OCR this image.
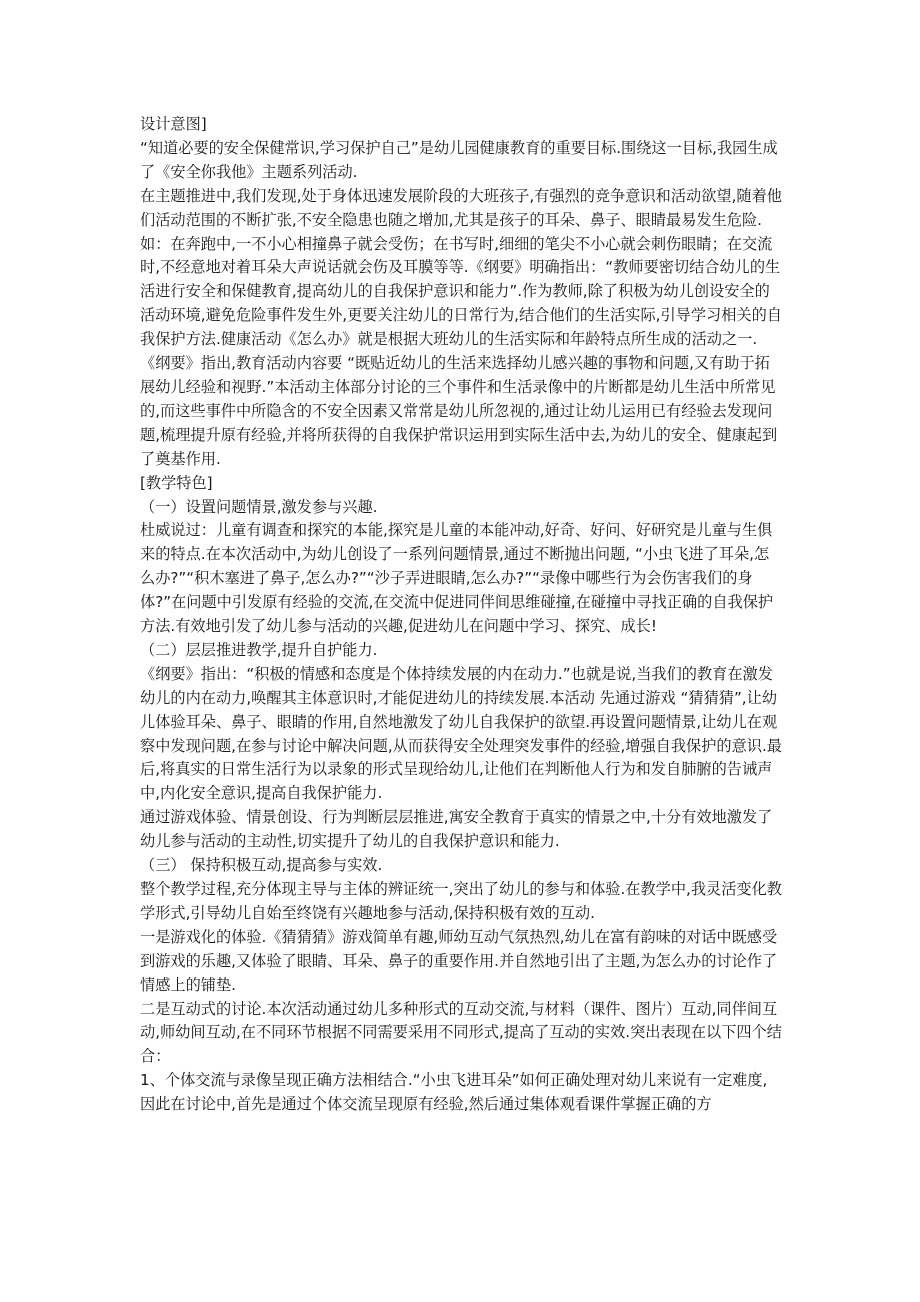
设计意图]

“知道必要的安全保健常识,学习保护自己”是幼儿园健康教育的重要目标.围绕这一目标,我园生成了《安全你我他》主题系列活动.

在主题推进中,我们发现,处于身体迅速发展阶段的大班孩子,有强烈的竞争意识和活动欲望,随着他们活动范围的不断扩张,不安全隐患也随之增加,尤其是孩子的耳朵、鼻子、眼睛最易发生危险.如：在奔跑中,一不小心相撞鼻子就会受伤；在书写时,细细的笔尖不小心就会刺伤眼睛；在交流时,不经意地对着耳朵大声说话就会伤及耳膜等等.《纲要》明确指出：“教师要密切结合幼儿的生活进行安全和保健教育,提高幼儿的自我保护意识和能力”.作为教师,除了积极为幼儿创设安全的活动环境,避免危险事件发生外,更要关注幼儿的日常行为,结合他们的生活实际,引导学习相关的自我保护方法.健康活动《怎么办》就是根据大班幼儿的生活实际和年龄特点所生成的活动之一.

《纲要》指出,教育活动内容要 “既贴近幼儿的生活来选择幼儿感兴趣的事物和问题,又有助于拓展幼儿经验和视野.”本活动主体部分讨论的三个事件和生活录像中的片断都是幼儿生活中所常见的,而这些事件中所隐含的不安全因素又常常是幼儿所忽视的,通过让幼儿运用已有经验去发现问题,梳理提升原有经验,并将所获得的自我保护常识运用到实际生活中去,为幼儿的安全、健康起到了奠基作用.

[教学特色]

（一）设置问题情景,激发参与兴趣.

杜威说过：儿童有调查和探究的本能,探究是儿童的本能冲动,好奇、好问、好研究是儿童与生俱来的特点.在本次活动中,为幼儿创设了一系列问题情景,通过不断抛出问题, “小虫飞进了耳朵,怎么办?”“积木塞进了鼻子,怎么办?”“沙子弄进眼睛,怎么办?”“录像中哪些行为会伤害我们的身体?”在问题中引发原有经验的交流,在交流中促进同伴间思维碰撞,在碰撞中寻找正确的自我保护方法.有效地引发了幼儿参与活动的兴趣,促进幼儿在问题中学习、探究、成长!

（二）层层推进教学,提升自护能力.

《纲要》指出：“积极的情感和态度是个体持续发展的内在动力.”也就是说,当我们的教育在激发幼儿的内在动力,唤醒其主体意识时,才能促进幼儿的持续发展.本活动 先通过游戏 “猜猜猜”,让幼儿体验耳朵、鼻子、眼睛的作用,自然地激发了幼儿自我保护的欲望.再设置问题情景,让幼儿在观察中发现问题,在参与讨论中解决问题,从而获得安全处理突发事件的经验,增强自我保护的意识.最后,将真实的日常生活行为以录象的形式呈现给幼儿,让他们在判断他人行为和发自肺腑的告诫声中,内化安全意识,提高自我保护能力.

通过游戏体验、情景创设、行为判断层层推进,寓安全教育于真实的情景之中,十分有效地激发了幼儿参与活动的主动性,切实提升了幼儿的自我保护意识和能力.

（三） 保持积极互动,提高参与实效.

整个教学过程,充分体现主导与主体的辨证统一,突出了幼儿的参与和体验.在教学中,我灵活变化教学形式,引导幼儿自始至终饶有兴趣地参与活动,保持积极有效的互动.

一是游戏化的体验.《猜猜猜》游戏简单有趣,师幼互动气氛热烈,幼儿在富有韵味的对话中既感受到游戏的乐趣,又体验了眼睛、耳朵、鼻子的重要作用.并自然地引出了主题,为怎么办的讨论作了情感上的铺垫.

二是互动式的讨论.本次活动通过幼儿多种形式的互动交流,与材料（课件、图片）互动,同伴间互动,师幼间互动,在不同环节根据不同需要采用不同形式,提高了互动的实效.突出表现在以下四个结合：

1、个体交流与录像呈现正确方法相结合.“小虫飞进耳朵”如何正确处理对幼儿来说有一定难度,因此在讨论中,首先是通过个体交流呈现原有经验,然后通过集体观看课件掌握正确的方
